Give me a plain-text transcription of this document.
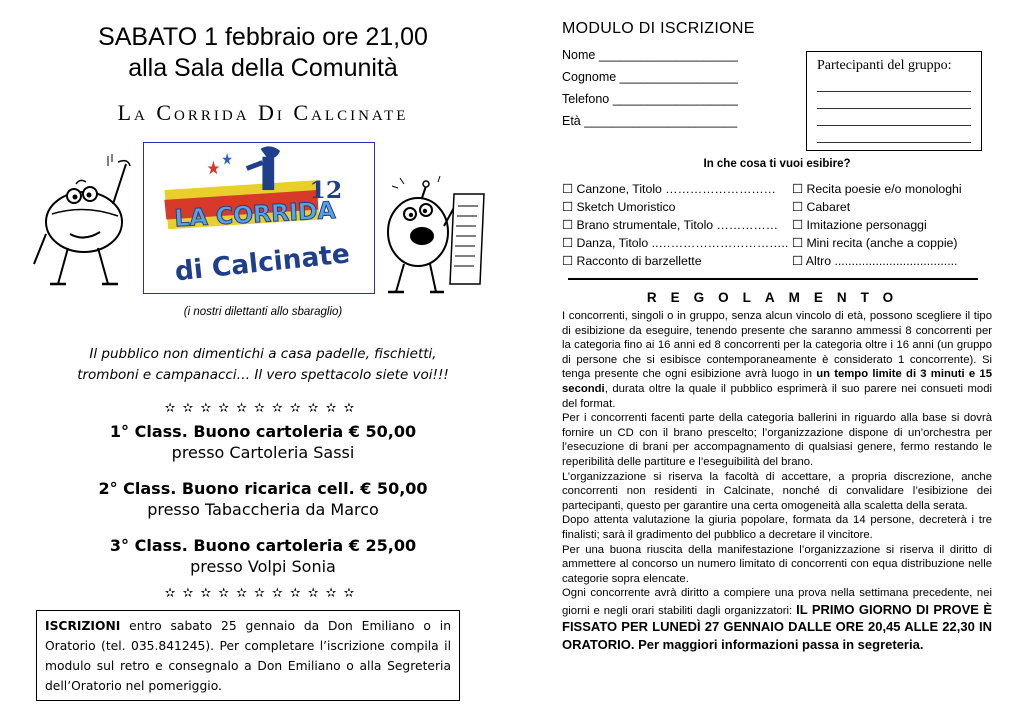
SABATO 1 febbraio ore 21,00
alla Sala della Comunità
La Corrida Di Calcinate
LA CORRIDA
12
di Calcinate
(i nostri dilettanti allo sbaraglio)
Il pubblico non dimentichi a casa padelle, fischietti,
tromboni e campanacci… Il vero spettacolo siete voi!!!
✫✫✫✫✫✫✫✫✫✫✫
1° Class. Buono cartoleria € 50,00
presso Cartoleria Sassi
2° Class. Buono ricarica cell. € 50,00
presso Tabaccheria da Marco
3° Class. Buono cartoleria € 25,00
presso Volpi Sonia
✫✫✫✫✫✫✫✫✫✫✫
ISCRIZIONI entro sabato 25 gennaio da Don Emiliano o in Oratorio (tel. 035.841245). Per completare l’iscrizione compila il modulo sul retro e consegnalo a Don Emiliano o alla Segreteria dell’Oratorio nel pomeriggio.
MODULO DI ISCRIZIONE
Nome ____________________
Cognome _________________
Telefono __________________
Età ______________________
Partecipanti del gruppo:
In che cosa ti vuoi esibire?
☐ Canzone, Titolo ………………………	☐ Recita poesie e/o monologhi
☐ Sketch Umoristico	☐ Cabaret
☐ Brano strumentale, Titolo ……………	☐ Imitazione personaggi
☐ Danza, Titolo ..………………………….. ☐ Mini recita (anche a coppie)
☐ Racconto di barzellette	☐ Altro ....................................
REGOLAMENTO

I concorrenti, singoli o in gruppo, senza alcun vincolo di età, possono scegliere il tipo di esibizione da eseguire, tenendo presente che saranno ammessi 8 concorrenti per la categoria fino ai 16 anni ed 8 concorrenti per la categoria oltre i 16 anni (un gruppo di persone che si esibisce contemporaneamente è considerato 1 concorrente). Si tenga presente che ogni esibizione avrà luogo in un tempo limite di 3 minuti e 15 secondi, durata oltre la quale il pubblico esprimerà il suo parere nei consueti modi del format.

Per i concorrenti facenti parte della categoria ballerini in riguardo alla base si dovrà fornire un CD con il brano prescelto; l’organizzazione dispone di un’orchestra per l’esecuzione di brani per accompagnamento di qualsiasi genere, fermo restando le reperibilità delle partiture e l’eseguibilità del brano.

L’organizzazione si riserva la facoltà di accettare, a propria discrezione, anche concorrenti non residenti in Calcinate, nonché di convalidare l’esibizione dei partecipanti, questo per garantire una certa omogeneità alla scaletta della serata.

Dopo attenta valutazione la giuria popolare, formata da 14 persone, decreterà i tre finalisti; sarà il gradimento del pubblico a decretare il vincitore.

Per una buona riuscita della manifestazione l’organizzazione si riserva il diritto di ammettere al concorso un numero limitato di concorrenti con equa distribuzione nelle categorie sopra elencate.

Ogni concorrente avrà diritto a compiere una prova nella settimana precedente, nei giorni e negli orari stabiliti dagli organizzatori: IL PRIMO GIORNO DI PROVE È FISSATO PER LUNEDÌ 27 GENNAIO DALLE ORE 20,45 ALLE 22,30 IN ORATORIO. Per maggiori informazioni passa in segreteria.
